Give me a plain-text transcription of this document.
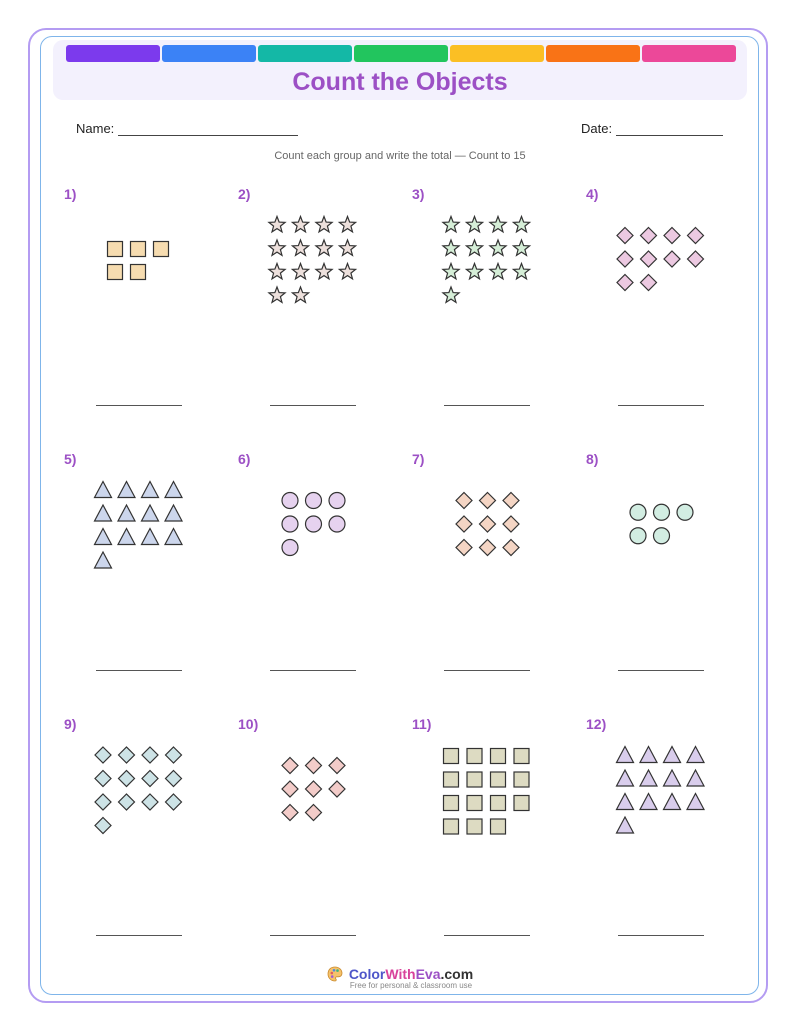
Count the Objects
Name:	Date:
Count each group and write the total — Count to 15
1)	2)	3)	4)
5)	6)	7)	8)
9)	10)	11)	12)
ColorWithEva.com
Free for personal & classroom use
